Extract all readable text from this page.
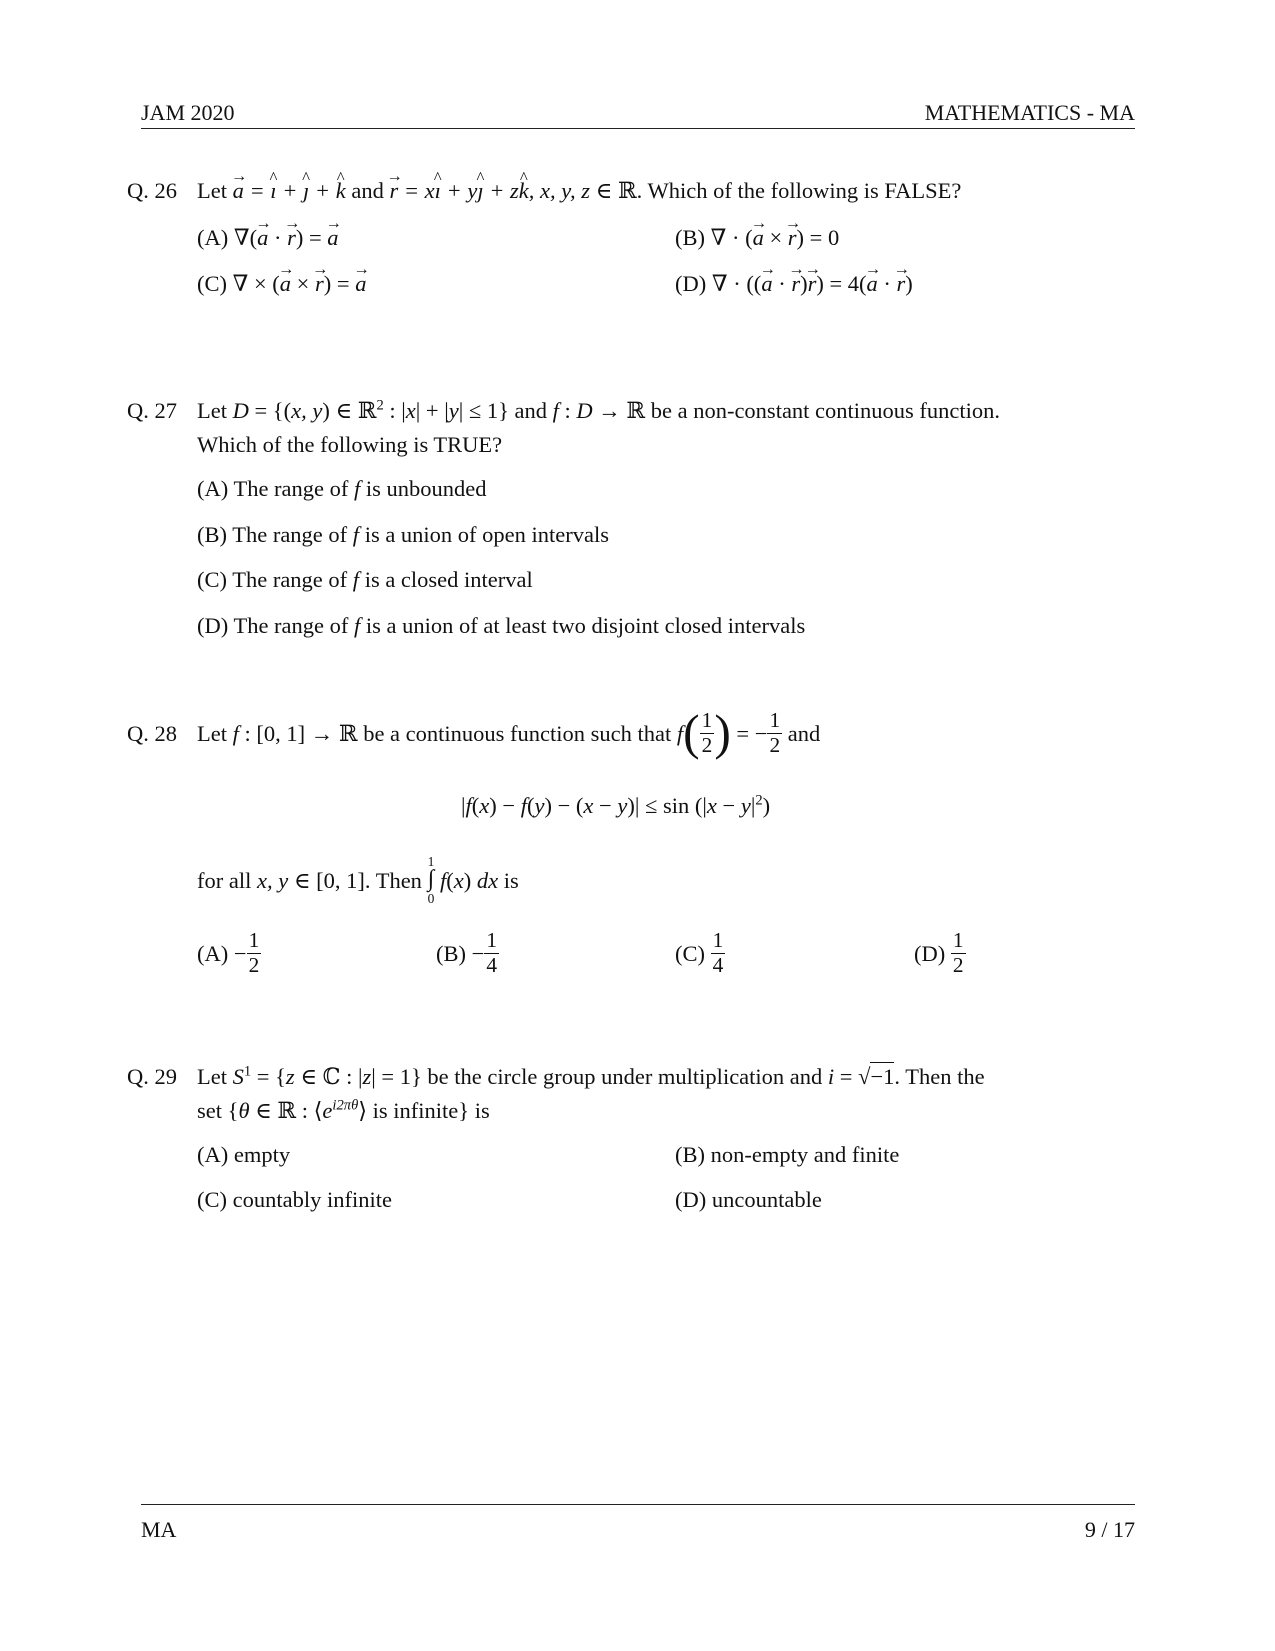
JAM 2020	MATHEMATICS - MA
Q. 26 Let → a = ^ ı + ^ ȷ + ^ k and → r = x^ ı + y^ ȷ + z^ k, x, y, z ∈ ℝ. Which of the following is FALSE?
(A) ∇(→ a · → r) = → a	(B) ∇ · (→ a × → r) = 0
(C) ∇ × (→ a × → r) = → a	(D) ∇ · ((→ a · → r)→ r) = 4(→ a · → r)
Q. 27 Let D = {(x, y) ∈ ℝ$^2$ : |x| + |y| ≤ 1} and f : D → ℝ be a non-constant continuous function.
Which of the following is TRUE?
(A) The range of f is unbounded
(B) The range of f is a union of open intervals
(C) The range of f is a closed interval
(D) The range of f is a union of at least two disjoint closed intervals
Q. 28 Let
f : [0, 1] → ℝ
be a continuous function such that
f ( $\frac{1}{2}$ ) = − $\frac{1}{2}$
and
$|f(x) - f(y) - (x - y)| \le \sin (|x - y|^2)$
for all
x, y ∈ [0, 1] . Then

1
∫
0

f(x) dx
is
$(A) - \frac{1}{2}$	$(B) - \frac{1}{4}$	(C)
$\frac{1}{4}$	(D)
$\frac{1}{2}$
Q. 29 Let $S^1 = \{z$ ∈ ℂ : |z| = 1} be the circle group under multiplication and i = √−1. Then the
set {θ ∈ ℝ : $⟨e^{i2\pi\theta}⟩$ is infinite} is
(A) empty	(B) non-empty and finite
(C) countably infinite	(D) uncountable
MA	9 / 17
